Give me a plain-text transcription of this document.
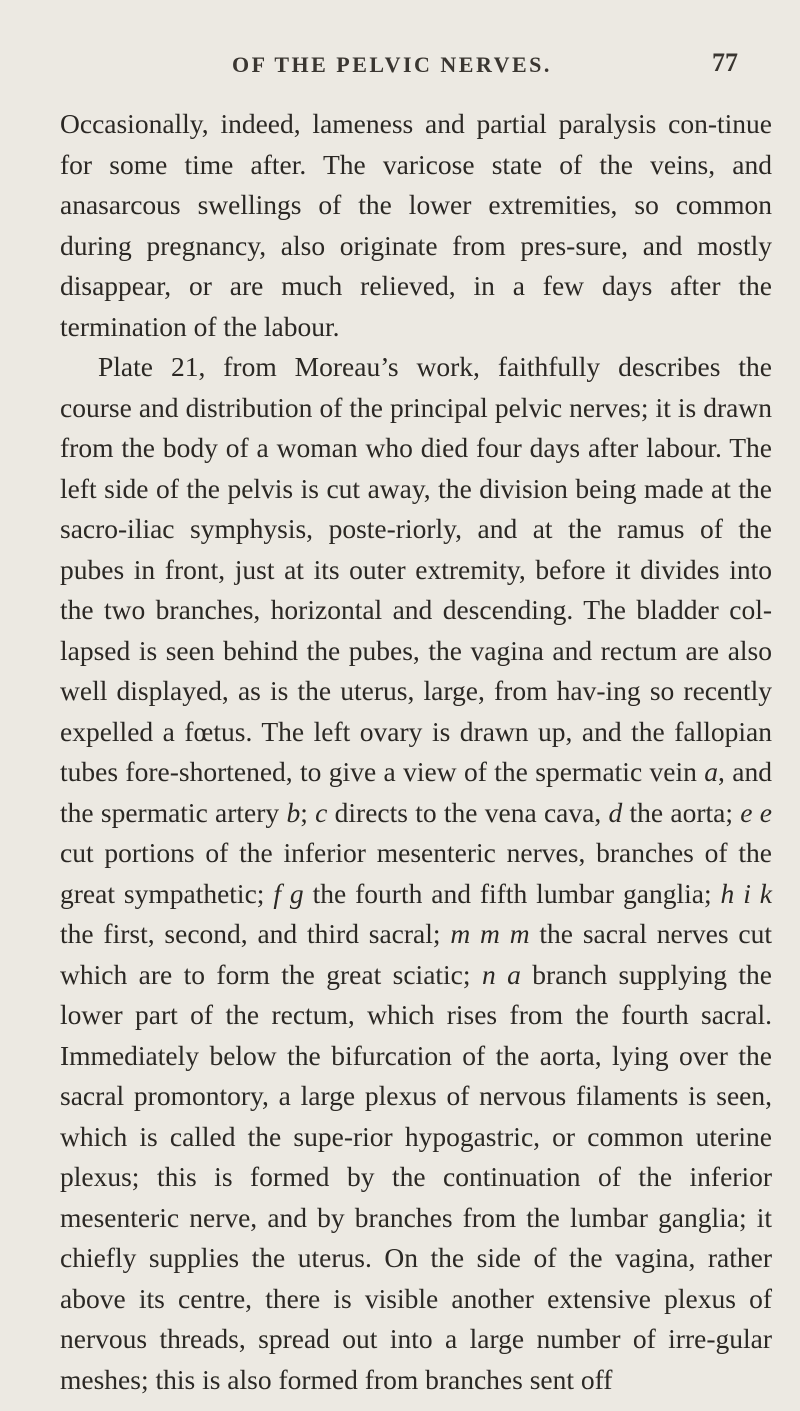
OF THE PELVIC NERVES.	77

Occasionally, indeed, lameness and partial paralysis con-tinue for some time after. The varicose state of the veins, and anasarcous swellings of the lower extremities, so common during pregnancy, also originate from pres-sure, and mostly disappear, or are much relieved, in a few days after the termination of the labour.

Plate 21, from Moreau’s work, faithfully describes the course and distribution of the principal pelvic nerves; it is drawn from the body of a woman who died four days after labour. The left side of the pelvis is cut away, the division being made at the sacro-iliac symphysis, poste-riorly, and at the ramus of the pubes in front, just at its outer extremity, before it divides into the two branches, horizontal and descending. The bladder col-lapsed is seen behind the pubes, the vagina and rectum are also well displayed, as is the uterus, large, from hav-ing so recently expelled a fœtus. The left ovary is drawn up, and the fallopian tubes fore-shortened, to give a view of the spermatic vein a, and the spermatic artery b; c directs to the vena cava, d the aorta; e e cut portions of the inferior mesenteric nerves, branches of the great sympathetic; f g the fourth and fifth lumbar ganglia; h i k the first, second, and third sacral; m m m the sacral nerves cut which are to form the great sciatic; n a branch supplying the lower part of the rectum, which rises from the fourth sacral. Immediately below the bifurcation of the aorta, lying over the sacral promontory, a large plexus of nervous filaments is seen, which is called the supe-rior hypogastric, or common uterine plexus; this is formed by the continuation of the inferior mesenteric nerve, and by branches from the lumbar ganglia; it chiefly supplies the uterus. On the side of the vagina, rather above its centre, there is visible another extensive plexus of nervous threads, spread out into a large number of irre-gular meshes; this is also formed from branches sent off
